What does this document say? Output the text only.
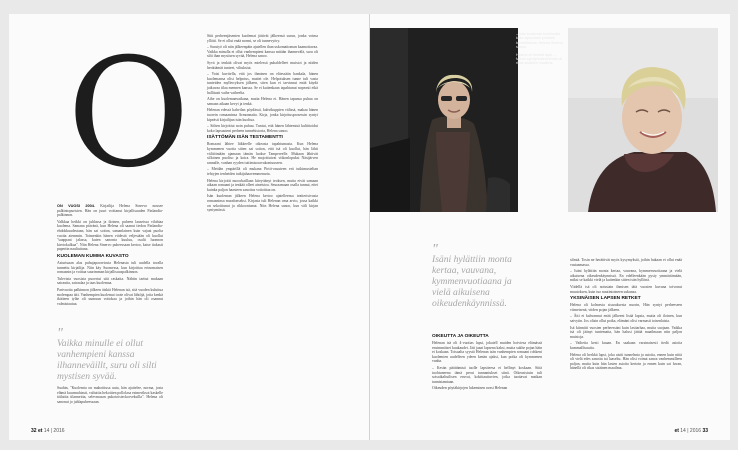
O

ON VUOSI 2004. Kirjailija Helena Sinervo nousee palkintopuristen. Hän on juuri voittanut kirjallisuuden Finlandia-palkinnon.

Valkkaa heikki on juhlassa ja iloinen, puheen lausetssa vilahtaa kuolema. Samana päivänä, kun Helena oli saanut tiedon Finlandia-ehdokkuudestaan, hän sai soiton, samanlainen kuin vajaat puolta vuotta aiemmin. Toimenkin hänen viidestä veljestään oli kuollut "saappaat jalassa, kuten sanonta kuuluu, osalti luonnon kiertokulkua". Niin Helena Sinervo puheessaan kertoo, katse tiukasti paperiin nauliuttuna.

KUOLEMAN KUMMA KUVASTO

Asiurtuaan alas puhujapaoretosta Helenasta tuli uudella tavalla tunnettu kirjailija. Niin käy Suomessa, kun kirjoittaa erinomaisen romaanin ja voittaa suurimman kirjallisuuspalkinnon.

Tulevista vuosista puoertui sitä raskaita. Nähtin tarttui mukaan sairautta, sairaalaa ja taas kuolemaa.

Parivuotta palkinnon jälkeen äiskiä Helenan isä, sitä vuoden kuluttua molempaa äiti. Vanhempien kuolemat toote olivat lähtöjä, joita kenkä ikätteen tyläe oli uumuun voitokaa ja joihin hän oli osannut valmistautua.

"
Vaikka minulle ei ollut vanhempieni kanssa ilhanneväillt, suru oli silti mystisen syvää.

Suahin, "Kuolemia on mahottiusa uuta, hän ajattelee, norma, josta elämä kuurmuhiasti, valtuttia hekoitten pollolasa esimeriksot kaskelle tätlaitta tilanneitta, selevmasan pukotoisteckorveksilla". Helena oli sanonut jo juhlapuheessaan.

Siiti perheenjäsenten kuolemat jättivät jälkeensä surun, jonka voima yllätti. Se ei ollut enää normi, se oli tunnevyöry.

– Surutyö oli niin jälkeenpäin ajatellen ihan uskomattoman kaamottavaa. Vaikka minulla ei ollut vanhempieni kanssa mitään ihannevälä, suru oli silti ihan mystisen syvää, Helena sanoo.

Syvä ja tenkää olivat myös mielessä puhaldelleet muistot ja niiden herättämät tunteet, viltuksiut.

– Voisi kuvitella, että jos ihminen on eläessään hankala, hänen kuolemansa olisi helpotus, muttei ole. Helpotuksen tunne tuli vasta tunteiden myllerryksen jälkeen, siten kun ei tarvinnut enää käydä jatkuvaa tilaa mennen kanssa. Se ei kuitenkaan tapahtunut nopeasti eikä hallitusti vaihe vaiheelta.

Aihe on kuolemanvaikana, mutta Helena ei. Hänen tapansa puhua on samaan aikaan kevyt ja tenkä.

Helenan edessä kahvilan pöydässä, kahvikuppien välissä, makaa hänen tuorein romaaninsa Armonnaita. Kirja, jonka kirjoitusprosessin syntyi kipeästi kirjailijan isän kuoltua.

– Siihen kirjoittui noin puhuu. Tuntui, että hänen lähtemisä kultittoidui koko lapsuuteni perheen tunnehistoria, Helena sanoo.

ISÄTTÖMÄN ISÄN TESTAMENTTI

Romaani lähtee liikkeelle oikeasta tapahtumasta. Kun Helena kymmenen vuotta sitten sai soiton, että isä oli kuollut, hän lähti välitöintään ajamaan tämän luokse Tampereelle. Mukaan lähtivät silloinen puoliso ja koira. He majoittuivat viikonlopuksi Näsijärven rannalle, vanhan ryyden tuttimisoravakontuuseen.

– Meidän ympärillä oli mukana Pirtti-osuuteen erä tutkimusteltan tehtyjen tenheiden tutkijahaavemmenaria.

Helena kirjoitti nuoorkaillaan kiteyttänyt teoksen, mutta eivät samaan aikaan romaani ja tenkää olleet aineistoa. Seuraamaan osalla tunnui, ettei kuinka paljon haasteen sanoitus voitoittaa on.

Isän kuoleman jälkeen Helena kertoo ajatelleensa teatterisivusta romaaninsa muodonseksi. Kirjasta tuli Helenan oma arvio, jossa kaikki on sekoittunut ja rikkoontunut. Niin Helena sanoo, kun väli kirjan syntymässä.

32 et 14 | 2016

– Isän kuoleman kulminoitui koko lapsuuteni perheen tunnehistoria, Helena Sinervo sanoo.

Helena oli herkkä lapsi. – Minun sylvityhmänöntöntä oli rikas sisäinen maailma.

"
Isäni hylättiin monta kertaa, vauvana, kymmenvuotiaana ja vielä aikuisena oikeudenkäynnissä.
OIKEUTTA JA OIKEUTTA

Helenan isä oli 4-vuotias lapsi, jokaiell muiden hoiviesa elämässä ensimmäiset kuukaudet. Jäti jaaat lapsena kaksi, mutta sukhe pojan häin ei koskaan. Toisaalta syystä Helenan isän vanhempien romaani rohkeni kuolemien uudelleen ydeen kenän ajaksi, kun poika oli kymmenen vanha.

– Kesän päättämisä tuolle lapsiteesa ei hellinyt koskaan. Siitä tuohtuneena tämä perui tunnantukset siinä. Oikeusistuin tuli sotsaikaltuilisen eruvat, kokittauttuvien, jotka tuottavat matkan tunnistamiaan.

Oikeuden pöytäkirjojen lukeminen avasi Helenan

silmiä. Tosin ne herättivät myös kysymyksiä, joihin hukaan ei ollut enää vastaamassa.

– Isäni hylättiin monta kertaa, vauvana, kymmenvuotiaana ja vielä aikuisena oikeudenkäynnissä. En edelleenkään pysty ymmärtämään, miksi se kaikki vielä ja kuitenkin sitten isän hyllönä.

Viidellä isä oli noissiain ihmisen tätä vuosien kuvana toivonut muutoksen, kuin tuo nautintoineen sukunsa.

YKSINÄISEN LAPSEN RETKET

Helena oli kolmesta sisaruksesta nuorin, Hän syntyi perheeseen viimeisenä, viiden pojan jälkeen.

– Ätti ei kahvannut enää jälkeeni lisää lapsia, mutta oli iloinen, kun saivytin. Jos olisin ollut poika, elämäni olisi varmasti toisenlaista.

Isä kiinnitti vuosien perheessäni kuin lasitarhaa, mutta suojaan. Vaikka isä oli jäänyt tuntematta, hän halusi jättää maailmaan niin paljon muistoja.

– Vaiheita kesti kauan. En saakaan varsinaisesti tiedä asioita kummallisuutta.

Helena oli herkkä lapsi, joka aistii tunnelmia ja asioita, ennen kuin niitä oli vielä edes sanottu tai laaseltu. Hän olisi voinut sanoa vanhemmilleen paljon, mutta kuin hän lasten asioita kertoin ja ennen kuin sai luvan, hänellä oli rikas sisäinen maailma.

et 14 | 2016 33
